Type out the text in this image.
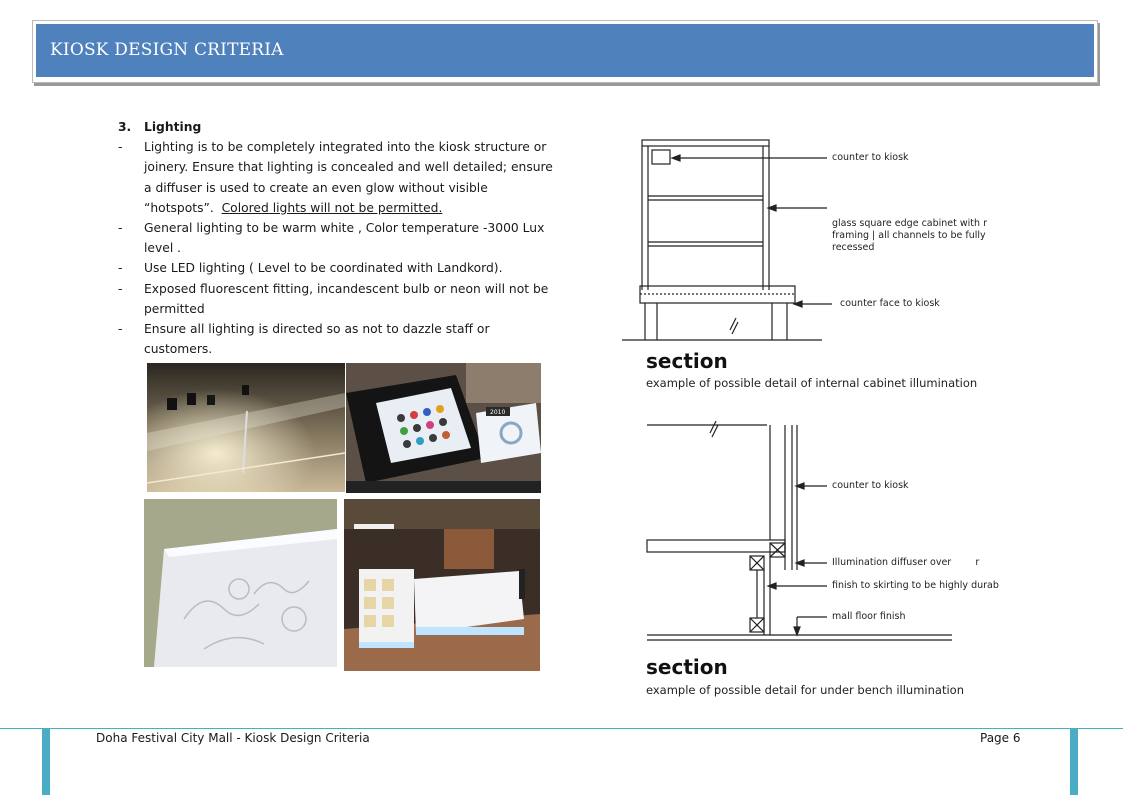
KIOSK DESIGN CRITERIA
3.	Lighting
-	Lighting is to be completely integrated into the kiosk structure or joinery. Ensure that lighting is concealed and well detailed; ensure a diffuser is used to create an even glow without visible “hotspots”. Colored lights will not be permitted.
-	General lighting to be warm white , Color temperature -3000 Lux level .
-	Use LED lighting ( Level to be coordinated with Landkord).
-	Exposed fluorescent fitting, incandescent bulb or neon will not be permitted
-	Ensure all lighting is directed so as not to dazzle staff or customers.
2010
counter to kiosk
glass square edge cabinet with r
framing | all channels to be fully
recessed
counter face to kiosk
section
example of possible detail of internal cabinet illumination
counter to kiosk
Illumination diffuser over        r
finish to skirting to be highly durab
mall floor finish
section
example of possible detail for under bench illumination
Doha Festival City Mall - Kiosk Design Criteria	Page 6
